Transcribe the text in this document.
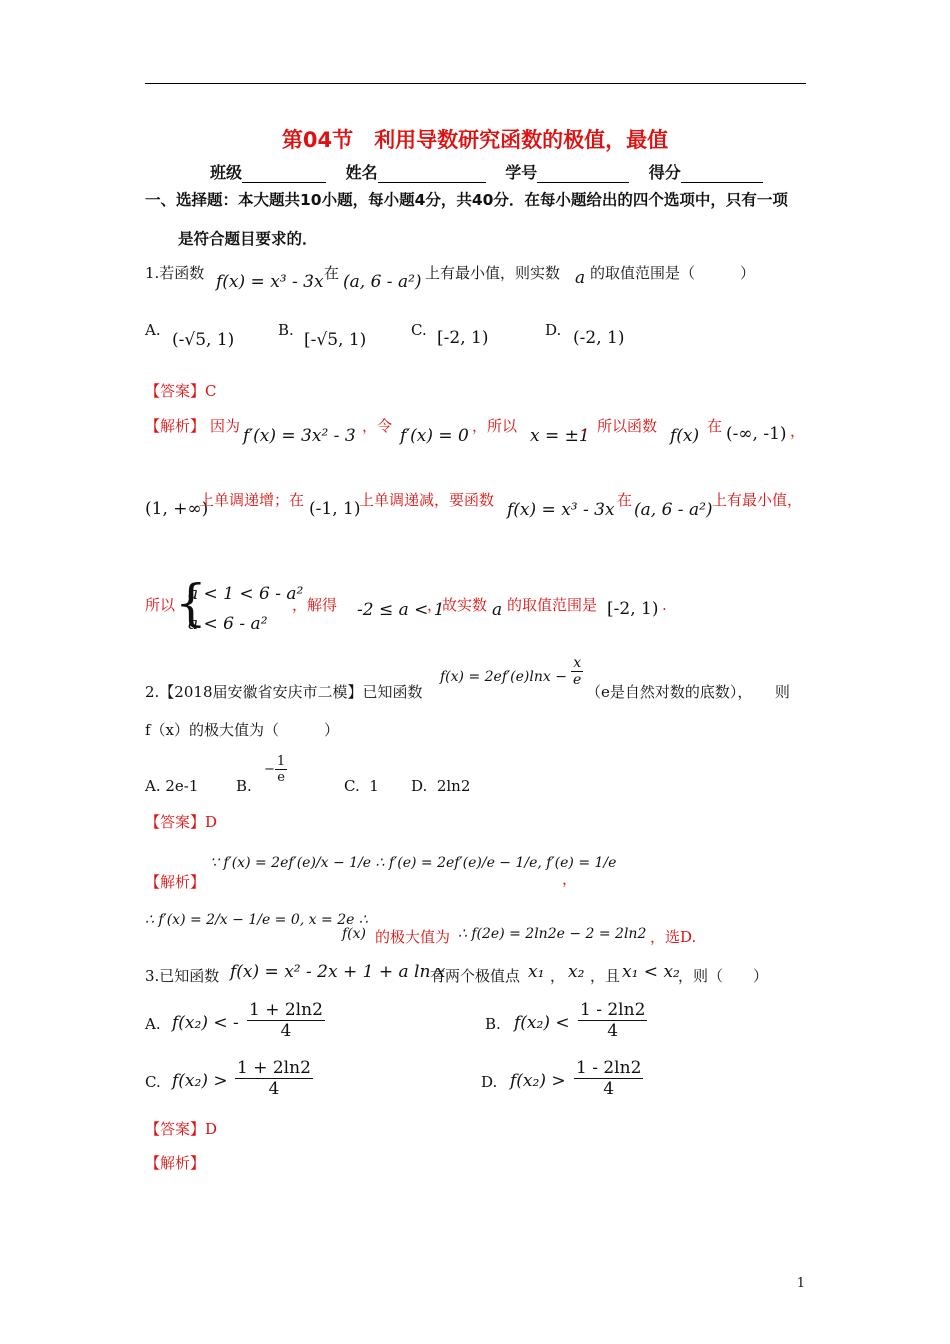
第04节　利用导数研究函数的极值，最值
班级	姓名	学号	得分
一、选择题：本大题共10小题，每小题4分，共40分．在每小题给出的四个选项中，只有一项
是符合题目要求的．
1.若函数 f(x) = x³ - 3x 在 (a, 6 - a²) 上有最小值，则实数 a 的取值范围是（　　　）
A. (-√5, 1)	B. [-√5, 1)	C. [-2, 1)	D. (-2, 1)
【答案】C
【解析】 因为 f′(x) = 3x² - 3 ，令 f′(x) = 0 ，所以 x = ±1
，所以函数 f(x) 在 (-∞, -1) ，
(1, +∞)
上单调递增；在 (-1, 1)
上单调递减，要函数 f(x) = x³ - 3x 在 (a, 6 - a²) 上有最小值，
所以 {
a < 1 < 6 - a²
a < 6 - a²
，解得 -2 ≤ a < 1
，故实数 a 的取值范围是 [-2, 1) .
2.【2018届安徽省安庆市二模】已知函数
$f(x) = 2ef'(e)\ln x - \frac{x}{e}$
（e是自然对数的底数），　　则
f（x）的极大值为（　　　）
A. 2e-1	B.
− $\frac{1}{e}$
C. 1 D. 2ln2
【答案】D
【解析】
∵ f′(x) = 2ef′(e)/x − 1/e ∴ f′(e) = 2ef′(e)/e − 1/e, f′(e) = 1/e
，
∴ f′(x) = 2/x − 1/e = 0, x = 2e ∴
f(x) 的极大值为 ∴ f(2e) = 2ln2e − 2 = 2ln2 ，选D.
3.已知函数 f(x) = x² - 2x + 1 + a ln x
有两个极值点 x₁ ， x₂ ，且 x₁ < x₂
，则（　　）
A. f(x₂) < - $\frac{1 + 2\ln 2}{4}$	B. $f(x_2) < \frac{1 - 2\ln 2}{4}$
C. $f(x_2) > \frac{1 + 2\ln 2}{4}$	D. $f(x_2) > \frac{1 - 2\ln 2}{4}$
【答案】D
【解析】
1
